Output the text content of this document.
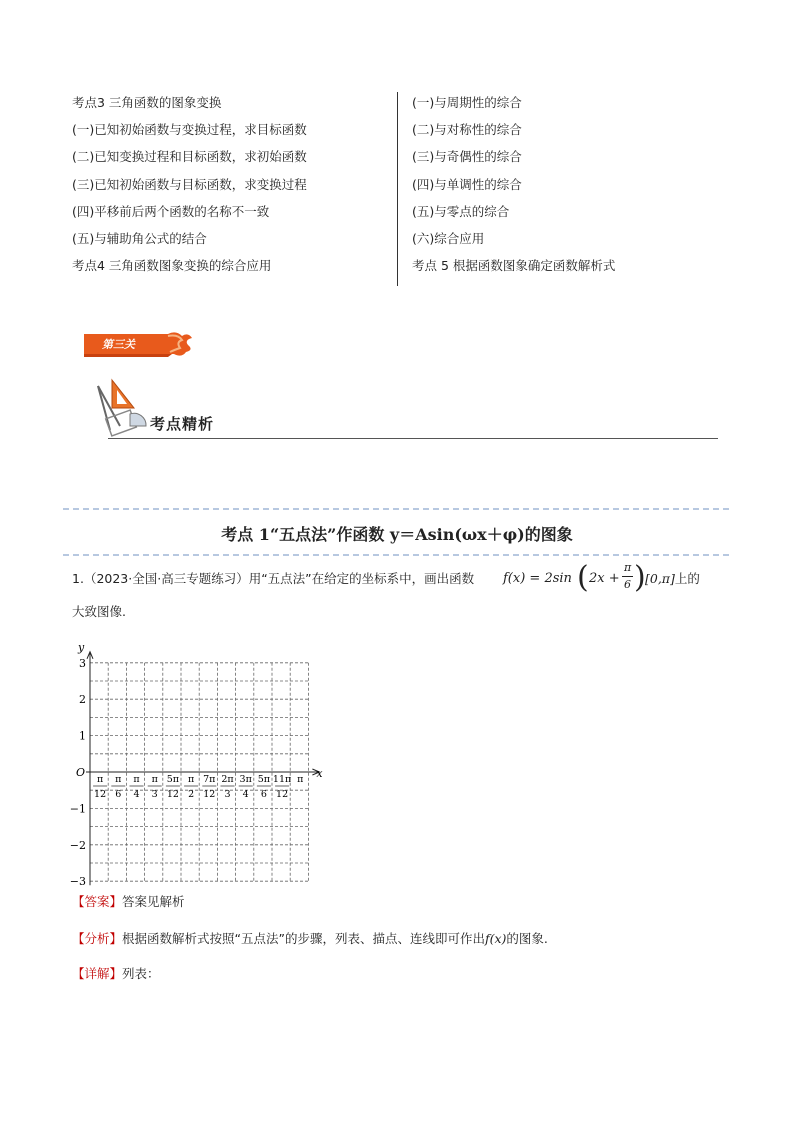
考点3 三角函数的图象变换
(一)已知初始函数与变换过程，求目标函数
(二)已知变换过程和目标函数，求初始函数
(三)已知初始函数与目标函数，求变换过程
(四)平移前后两个函数的名称不一致
(五)与辅助角公式的结合
考点4 三角函数图象变换的综合应用
(一)与周期性的综合
(二)与对称性的综合
(三)与奇偶性的综合
(四)与单调性的综合
(五)与零点的综合
(六)综合应用
考点 5 根据函数图象确定函数解析式
第三关
考点精析
考点 1“五点法”作函数 y＝Asin(ωx＋φ)的图象
1.（2023·全国·高三专题练习）用“五点法”在给定的坐标系中，画出函数 f(x) = 2sin ( 2x +
π
6 ) [0,π]上的
大致图像.
y
x
O
3
2
1
−1
−2
−3
π
12
π
6
π
4
π
3
5π
12
π
2
7π
12
2π
3
3π
4
5π
6
11π
12
π
【答案】答案见解析
【分析】根据函数解析式按照“五点法”的步骤，列表、描点、连线即可作出f(x)的图象.
【详解】列表：
